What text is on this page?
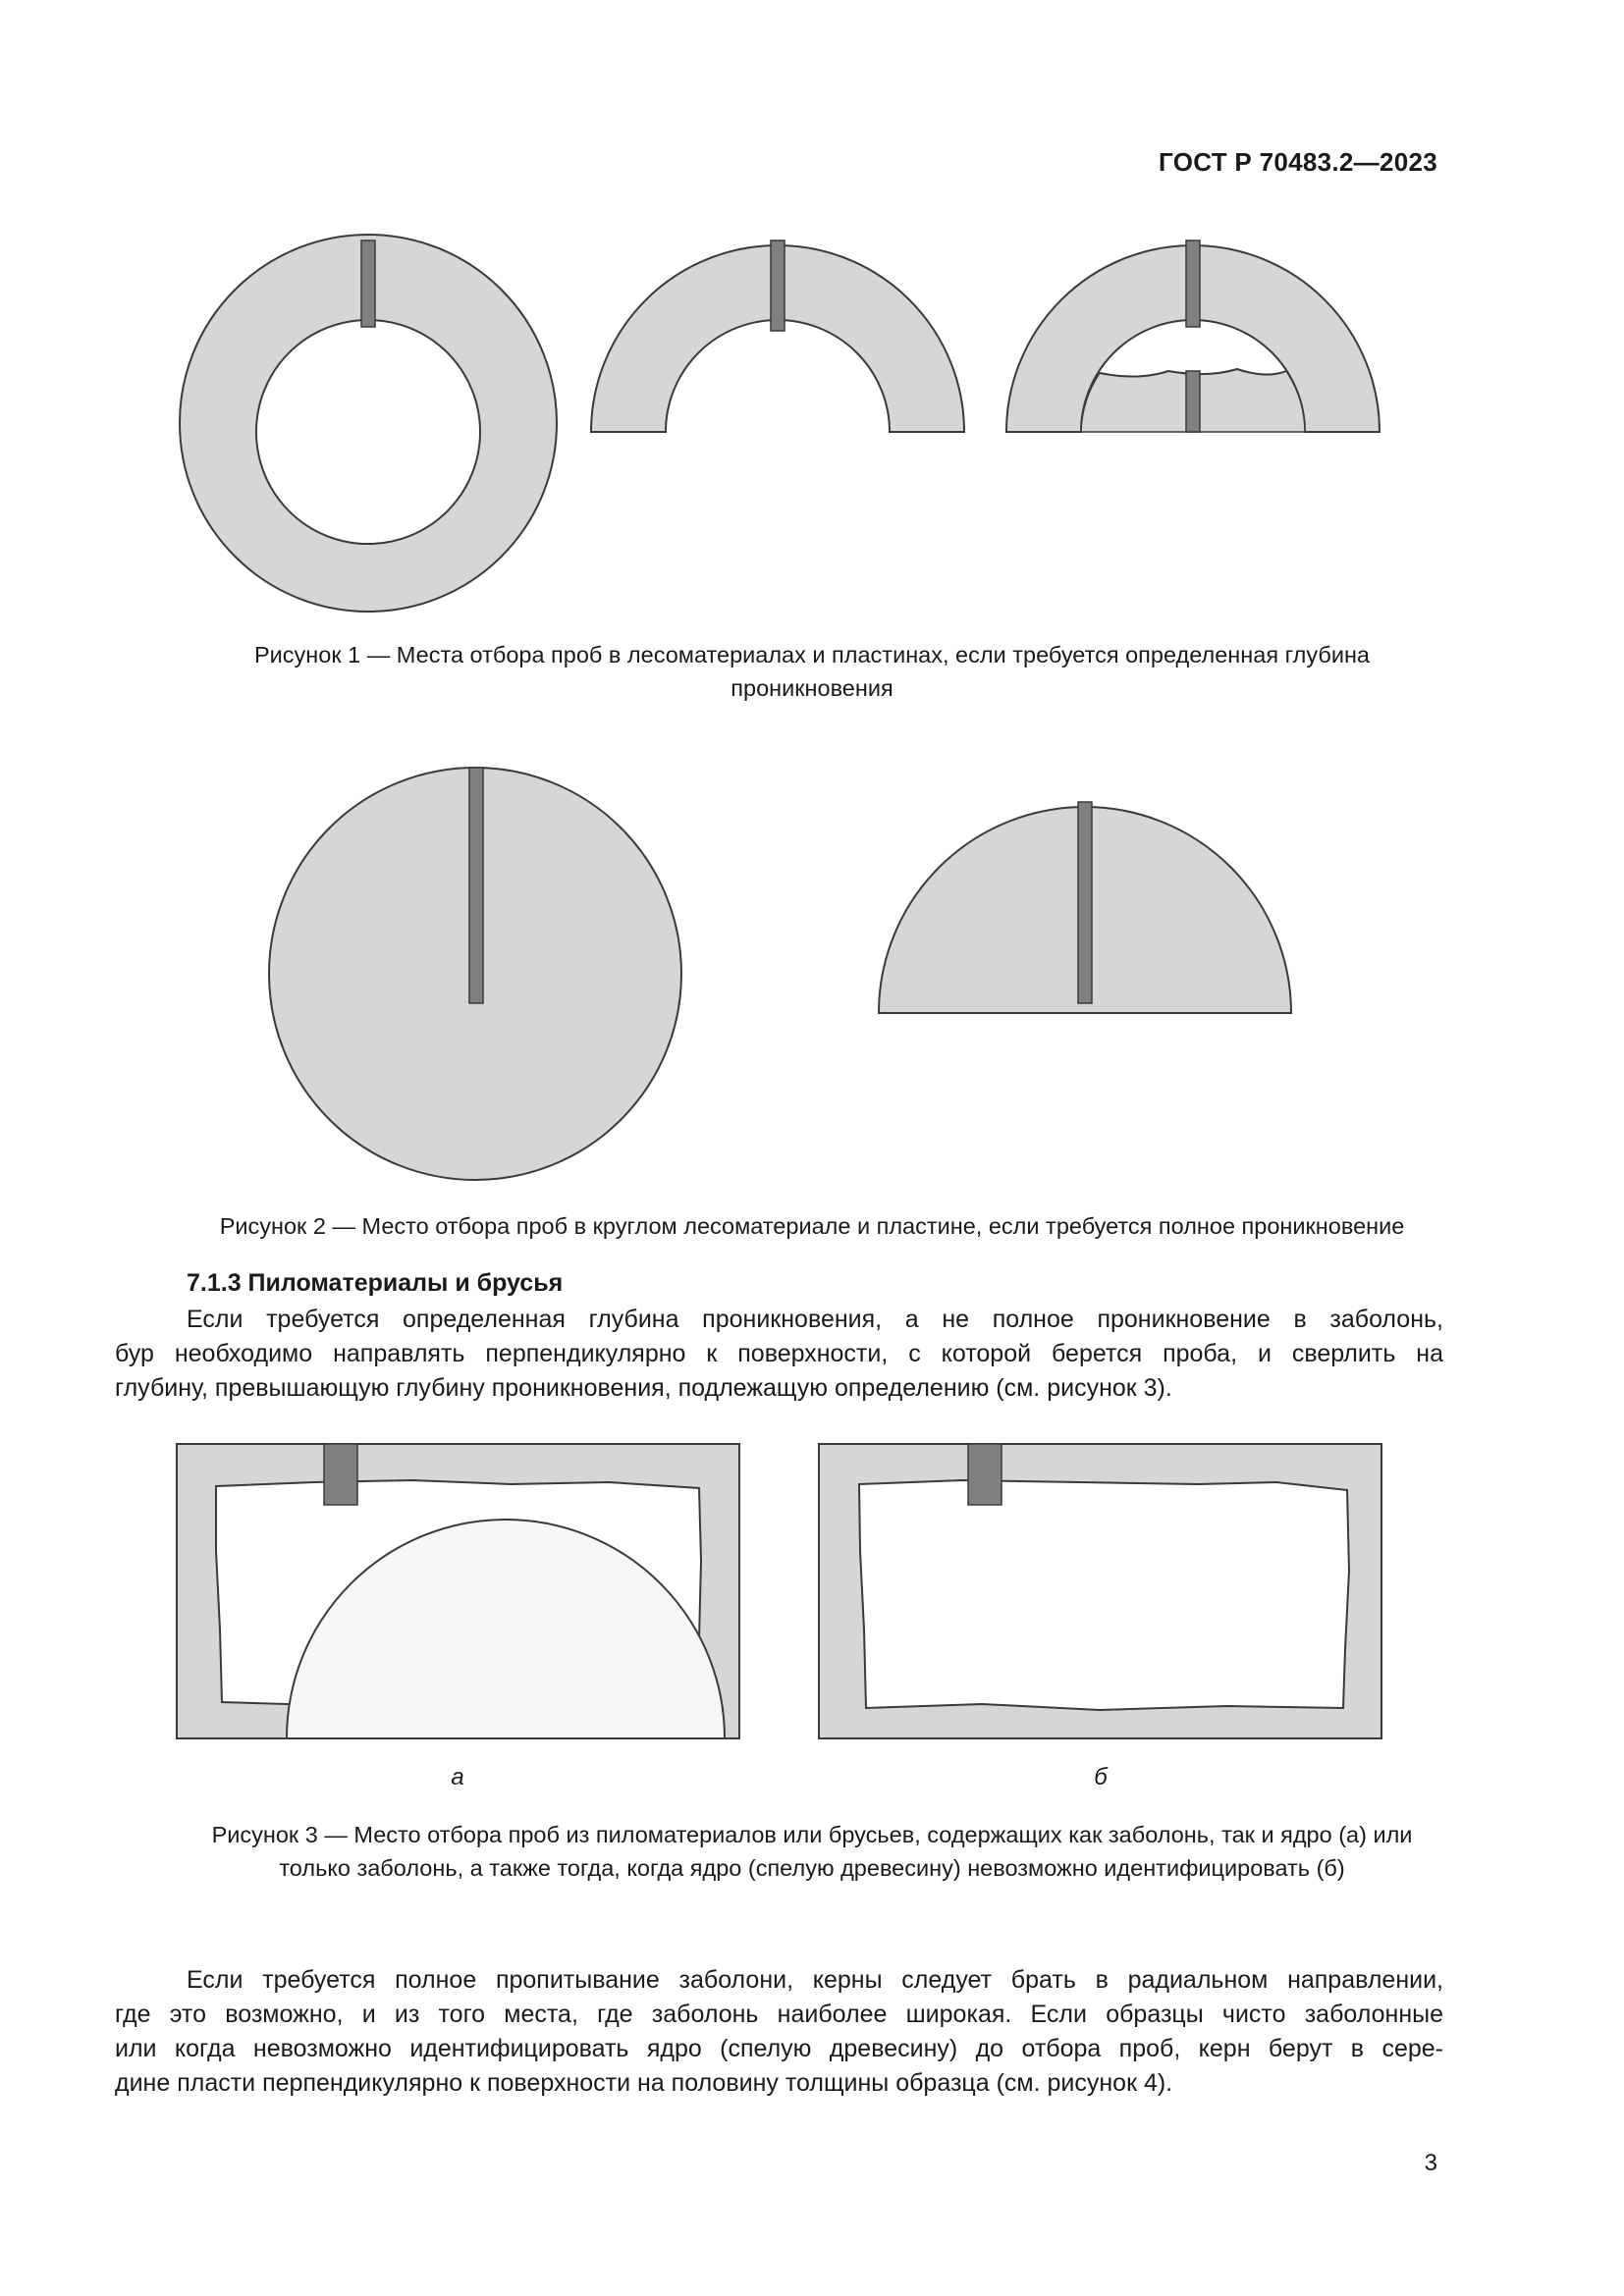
ГОСТ Р 70483.2—2023
Рисунок 1 — Места отбора проб в лесоматериалах и пластинах, если требуется определенная глубина
проникновения
Рисунок 2 — Место отбора проб в круглом лесоматериале и пластине, если требуется полное проникновение
7.1.3 Пиломатериалы и брусья
Если требуется определенная глубина проникновения, а не полное проникновение в заболонь,
бур необходимо направлять перпендикулярно к поверхности, с которой берется проба, и сверлить на
глубину, превышающую глубину проникновения, подлежащую определению (см. рисунок 3).
а	б
Рисунок 3 — Место отбора проб из пиломатериалов или брусьев, содержащих как заболонь, так и ядро (а) или
только заболонь, а также тогда, когда ядро (спелую древесину) невозможно идентифицировать (б)
Если требуется полное пропитывание заболони, керны следует брать в радиальном направлении,
где это возможно, и из того места, где заболонь наиболее широкая. Если образцы чисто заболонные
или когда невозможно идентифицировать ядро (спелую древесину) до отбора проб, керн берут в сере-
дине пласти перпендикулярно к поверхности на половину толщины образца (см. рисунок 4).
3
